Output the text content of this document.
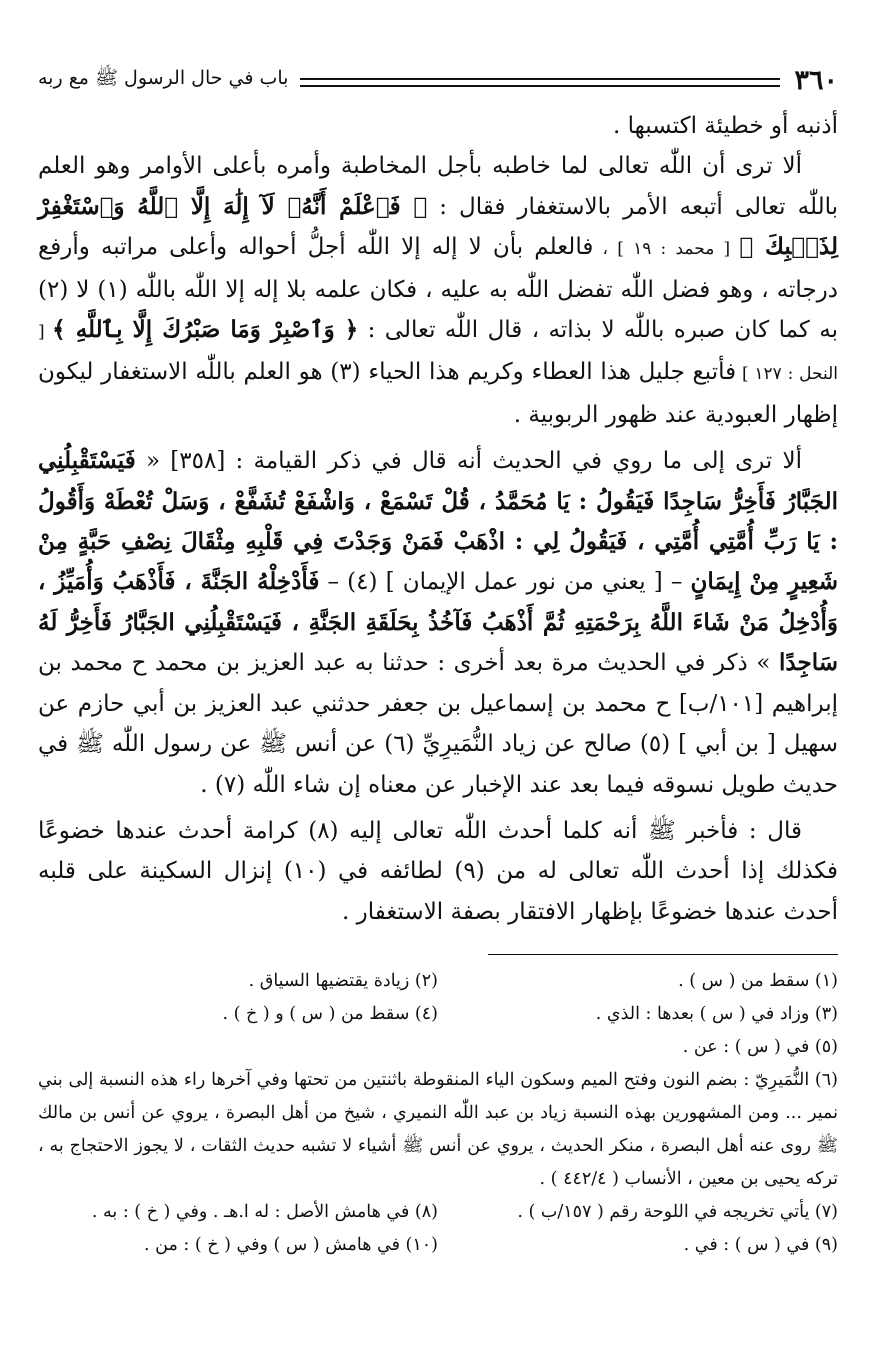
٣٦٠
باب في حال الرسول ﷺ مع ربه

أذنبه أو خطيئة اكتسبها .

ألا ترى أن اللّٰه تعالى لما خاطبه بأجل المخاطبة وأمره بأعلى الأوامر وهو العلم باللّٰه تعالى أتبعه الأمر بالاستغفار فقال : ﴿ فَٱعْلَمْ أَنَّهُۥ لَآ إِلَٰهَ إِلَّا ٱللَّهُ وَٱسْتَغْفِرْ لِذَنۢبِكَ ﴾ [ محمد : ١٩ ] ، فالعلم بأن لا إله إلا اللّٰه أجلُّ أحواله وأعلى مراتبه وأرفع درجاته ، وهو فضل اللّٰه تفضل اللّٰه به عليه ، فكان علمه بلا إله إلا اللّٰه باللّٰه (١) لا (٢) به كما كان صبره باللّٰه لا بذاته ، قال اللّٰه تعالى : ﴿ وَٱصْبِرْ وَمَا صَبْرُكَ إِلَّا بِٱللَّهِ ﴾ [ النحل : ١٢٧ ] فأتبع جليل هذا العطاء وكريم هذا الحياء (٣) هو العلم باللّٰه الاستغفار ليكون إظهار العبودية عند ظهور الربوبية .

ألا ترى إلى ما روي في الحديث أنه قال في ذكر القيامة : [٣٥٨] « فَيَسْتَقْبِلُنِي الجَبَّارُ فَأَخِرُّ سَاجِدًا فَيَقُولُ : يَا مُحَمَّدُ ، قُلْ تَسْمَعْ ، وَاشْفَعْ تُشَفَّعْ ، وَسَلْ تُعْطَهْ وَأَقُولُ : يَا رَبِّ أُمَّتِي أُمَّتِي ، فَيَقُولُ لِي : اذْهَبْ فَمَنْ وَجَدْتَ فِي قَلْبِهِ مِثْقَالَ نِصْفِ حَبَّةٍ مِنْ شَعِيرٍ مِنْ إِيمَانٍ – [ يعني من نور عمل الإيمان ] (٤) – فَأَدْخِلْهُ الجَنَّةَ ، فَأَذْهَبُ وَأُمَيِّزُ ، وَأُدْخِلُ مَنْ شَاءَ اللَّهُ بِرَحْمَتِهِ ثُمَّ أَذْهَبُ فَآخُذُ بِحَلَقَةِ الجَنَّةِ ، فَيَسْتَقْبِلُنِي الجَبَّارُ فَأَخِرُّ لَهُ سَاجِدًا » ذكر في الحديث مرة بعد أخرى : حدثنا به عبد العزيز بن محمد ح محمد بن إبراهيم [١٠١/ب] ح محمد بن إسماعيل بن جعفر حدثني عبد العزيز بن أبي حازم عن سهيل [ بن أبي ] (٥) صالح عن زياد النُّمَيرِيِّ (٦) عن أنس ﷺ عن رسول اللّٰه ﷺ في حديث طويل نسوقه فيما بعد عند الإخبار عن معناه إن شاء اللّٰه (٧) .

قال : فأخبر ﷺ أنه كلما أحدث اللّٰه تعالى إليه (٨) كرامة أحدث عندها خضوعًا فكذلك إذا أحدث اللّٰه تعالى له من (٩) لطائفه في (١٠) إنزال السكينة على قلبه أحدث عندها خضوعًا بإظهار الافتقار بصفة الاستغفار .

(١) سقط من ( س ) .
(٢) زيادة يقتضيها السياق .
(٣) وزاد في ( س ) بعدها : الذي .
(٤) سقط من ( س ) و ( خ ) .
(٥) في ( س ) : عن .
(٦) النُّمَيرِيّ : بضم النون وفتح الميم وسكون الياء المنقوطة باثنتين من تحتها وفي آخرها راء هذه النسبة إلى بني نمير ... ومن المشهورين بهذه النسبة زياد بن عبد اللّٰه النميري ، شيخ من أهل البصرة ، يروي عن أنس بن مالك ﷺ روى عنه أهل البصرة ، منكر الحديث ، يروي عن أنس ﷺ أشياء لا تشبه حديث الثقات ، لا يجوز الاحتجاج به ، تركه يحيى بن معين ، الأنساب ( ٤٤٢/٤ ) .
(٧) يأتي تخريجه في اللوحة رقم ( ١٥٧/ب ) .
(٨) في هامش الأصل : له ا.هـ . وفي ( خ ) : به .
(٩) في ( س ) : في .
(١٠) في هامش ( س ) وفي ( خ ) : من .
